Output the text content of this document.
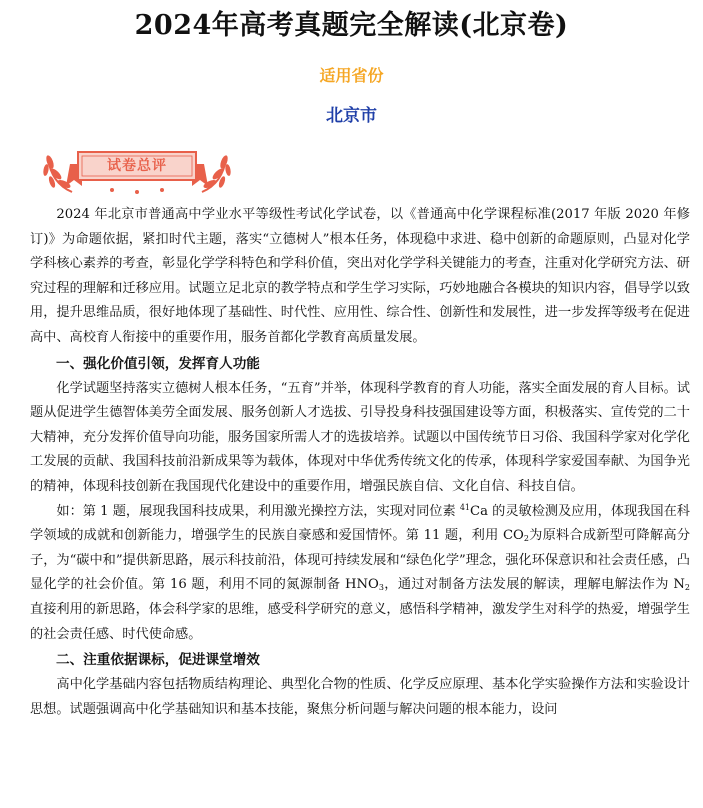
2024年高考真题完全解读(北京卷)
适用省份
北京市
试卷总评

2024 年北京市普通高中学业水平等级性考试化学试卷，以《普通高中化学课程标准(2017 年版 2020 年修订)》为命题依据，紧扣时代主题，落实“立德树人”根本任务，体现稳中求进、稳中创新的命题原则，凸显对化学学科核心素养的考查，彰显化学学科特色和学科价值，突出对化学学科关键能力的考查，注重对化学研究方法、研究过程的理解和迁移应用。试题立足北京的教学特点和学生学习实际，巧妙地融合各模块的知识内容，倡导学以致用，提升思维品质，很好地体现了基础性、时代性、应用性、综合性、创新性和发展性，进一步发挥等级考在促进高中、高校育人衔接中的重要作用，服务首都化学教育高质量发展。

一、强化价值引领，发挥育人功能

化学试题坚持落实立德树人根本任务，“五育”并举，体现科学教育的育人功能，落实全面发展的育人目标。试题从促进学生德智体美劳全面发展、服务创新人才选拔、引导投身科技强国建设等方面，积极落实、宣传党的二十大精神，充分发挥价值导向功能，服务国家所需人才的选拔培养。试题以中国传统节日习俗、我国科学家对化学化工发展的贡献、我国科技前沿新成果等为载体，体现对中华优秀传统文化的传承，体现科学家爱国奉献、为国争光的精神，体现科技创新在我国现代化建设中的重要作用，增强民族自信、文化自信、科技自信。

如：第 1 题，展现我国科技成果，利用激光操控方法，实现对同位素 $^{41}$Ca 的灵敏检测及应用，体现我国在科学领域的成就和创新能力，增强学生的民族自豪感和爱国情怀。第 11 题，利用 $CO_2$为原料合成新型可降解高分子，为“碳中和”提供新思路，展示科技前沿，体现可持续发展和“绿色化学”理念，强化环保意识和社会责任感，凸显化学的社会价值。第 16 题，利用不同的氮源制备 $HNO_3$，通过对制备方法发展的解读，理解电解法作为 $N_2$ 直接利用的新思路，体会科学家的思维，感受科学研究的意义，感悟科学精神，激发学生对科学的热爱，增强学生的社会责任感、时代使命感。

二、注重依据课标，促进课堂增效

高中化学基础内容包括物质结构理论、典型化合物的性质、化学反应原理、基本化学实验操作方法和实验设计思想。试题强调高中化学基础知识和基本技能，聚焦分析问题与解决问题的根本能力，设问
